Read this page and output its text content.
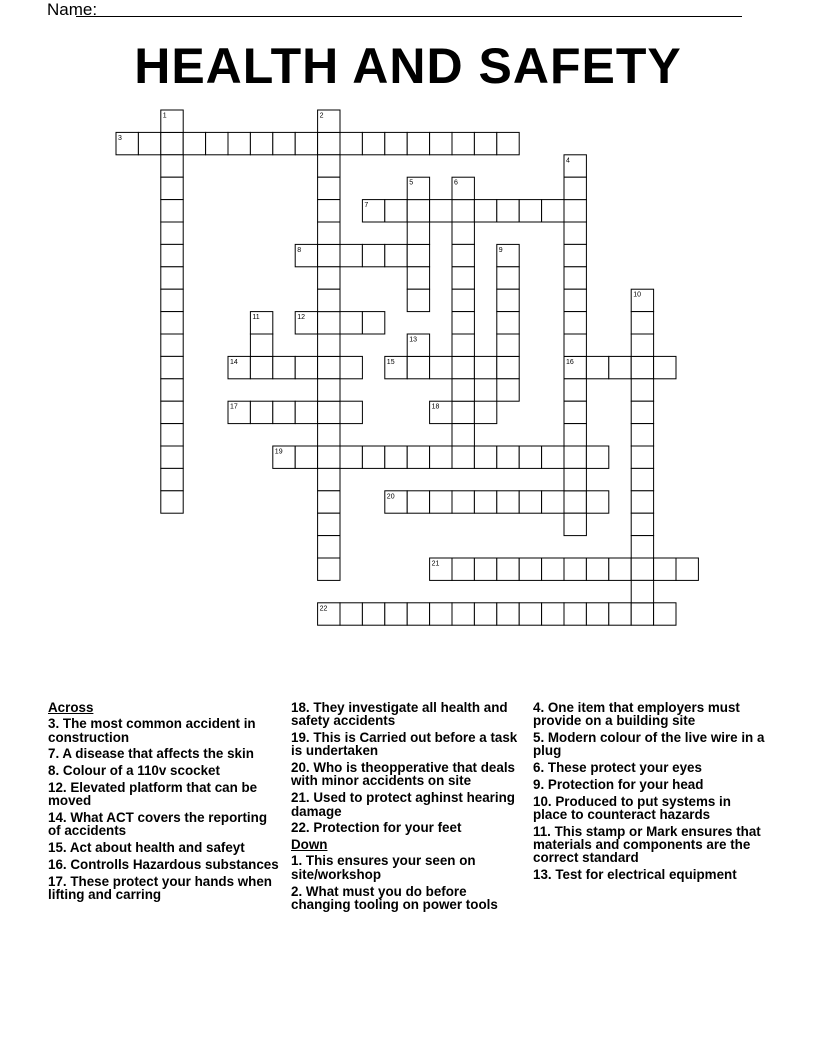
Name:
HEALTH AND SAFETY
3
7
8
12
14	15	16
17	18
19
20
21
22
1	2
4
5	6
9
10
11
13
Across
3. The most common accident in construction
7. A disease that affects the skin
8. Colour of a 110v scocket
12. Elevated platform that can be moved
14. What ACT covers the reporting of accidents
15. Act about health and safeyt
16. Controlls Hazardous substances
17. These protect your hands when lifting and carring
18. They investigate all health and safety accidents
19. This is Carried out before a task is undertaken
20. Who is theopperative that deals with minor accidents on site
21. Used to protect aghinst hearing damage
22. Protection for your feet
Down
1. This ensures your seen on site/workshop
2. What must you do before changing tooling on power tools
4. One item that employers must provide on a building site
5. Modern colour of the live wire in a plug
6. These protect your eyes
9. Protection for your head
10. Produced to put systems in place to counteract hazards
11. This stamp or Mark ensures that materials and components are the correct standard
13. Test for electrical equipment
